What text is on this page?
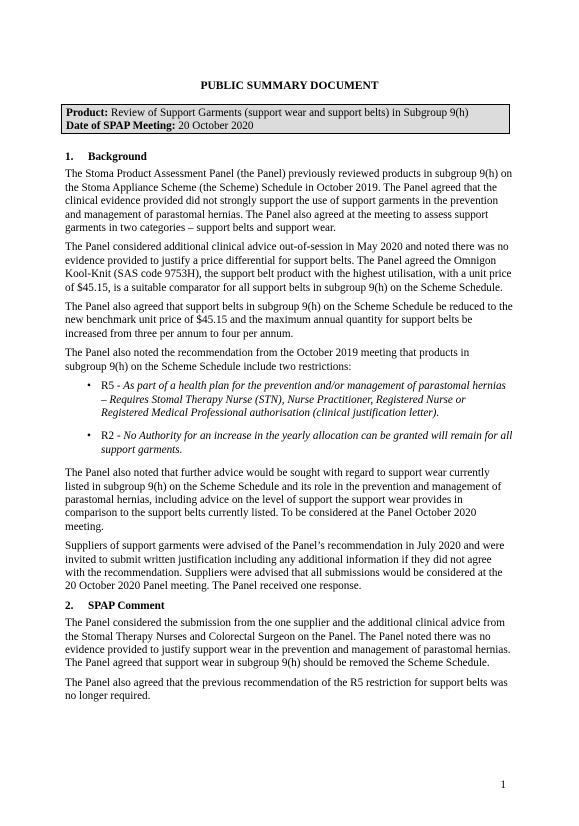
PUBLIC SUMMARY DOCUMENT
Product: Review of Support Garments (support wear and support belts) in Subgroup 9(h)
Date of SPAP Meeting: 20 October 2020
1.	Background

The Stoma Product Assessment Panel (the Panel) previously reviewed products in subgroup 9(h) on the Stoma Appliance Scheme (the Scheme) Schedule in October 2019. The Panel agreed that the clinical evidence provided did not strongly support the use of support garments in the prevention and management of parastomal hernias. The Panel also agreed at the meeting to assess support garments in two categories – support belts and support wear.

The Panel considered additional clinical advice out-of-session in May 2020 and noted there was no evidence provided to justify a price differential for support belts. The Panel agreed the Omnigon Kool-Knit (SAS code 9753H), the support belt product with the highest utilisation, with a unit price of $45.15, is a suitable comparator for all support belts in subgroup 9(h) on the Scheme Schedule.

The Panel also agreed that support belts in subgroup 9(h) on the Scheme Schedule be reduced to the new benchmark unit price of $45.15 and the maximum annual quantity for support belts be increased from three per annum to four per annum.

The Panel also noted the recommendation from the October 2019 meeting that products in subgroup 9(h) on the Scheme Schedule include two restrictions:

• R5 - As part of a health plan for the prevention and/or management of parastomal hernias – Requires Stomal Therapy Nurse (STN), Nurse Practitioner, Registered Nurse or Registered Medical Professional authorisation (clinical justification letter).
• R2 - No Authority for an increase in the yearly allocation can be granted will remain for all support garments.

The Panel also noted that further advice would be sought with regard to support wear currently listed in subgroup 9(h) on the Scheme Schedule and its role in the prevention and management of parastomal hernias, including advice on the level of support the support wear provides in comparison to the support belts currently listed. To be considered at the Panel October 2020 meeting.

Suppliers of support garments were advised of the Panel’s recommendation in July 2020 and were invited to submit written justification including any additional information if they did not agree with the recommendation. Suppliers were advised that all submissions would be considered at the 20 October 2020 Panel meeting. The Panel received one response.

2.	SPAP Comment

The Panel considered the submission from the one supplier and the additional clinical advice from the Stomal Therapy Nurses and Colorectal Surgeon on the Panel. The Panel noted there was no evidence provided to justify support wear in the prevention and management of parastomal hernias. The Panel agreed that support wear in subgroup 9(h) should be removed the Scheme Schedule.

The Panel also agreed that the previous recommendation of the R5 restriction for support belts was no longer required.

1
